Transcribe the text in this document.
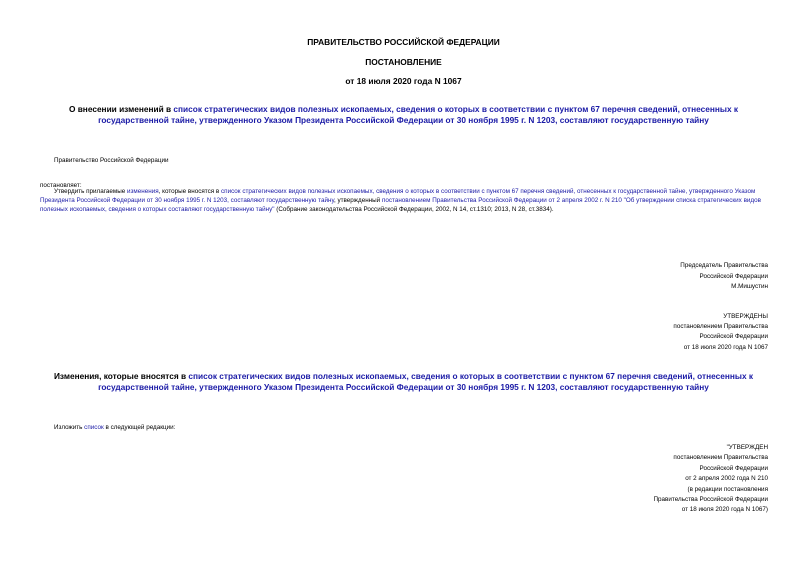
ПРАВИТЕЛЬСТВО РОССИЙСКОЙ ФЕДЕРАЦИИ
ПОСТАНОВЛЕНИЕ
от 18 июля 2020 года N 1067
О внесении изменений в список стратегических видов полезных ископаемых, сведения о которых в соответствии с пунктом 67 перечня сведений, отнесенных к государственной тайне, утвержденного Указом Президента Российской Федерации от 30 ноября 1995 г. N 1203, составляют государственную тайну
Правительство Российской Федерации
постановляет:
Утвердить прилагаемые изменения, которые вносятся в список стратегических видов полезных ископаемых, сведения о которых в соответствии с пунктом 67 перечня сведений, отнесенных к государственной тайне, утвержденного Указом Президента Российской Федерации от 30 ноября 1995 г. N 1203, составляют государственную тайну, утвержденный постановлением Правительства Российской Федерации от 2 апреля 2002 г. N 210 "Об утверждении списка стратегических видов полезных ископаемых, сведения о которых составляют государственную тайну" (Собрание законодательства Российской Федерации, 2002, N 14, ст.1310; 2013, N 28, ст.3834).
Председатель Правительства
Российской Федерации
М.Мишустин
УТВЕРЖДЕНЫ
постановлением Правительства
Российской Федерации
от 18 июля 2020 года N 1067
Изменения, которые вносятся в список стратегических видов полезных ископаемых, сведения о которых в соответствии с пунктом 67 перечня сведений, отнесенных к государственной тайне, утвержденного Указом Президента Российской Федерации от 30 ноября 1995 г. N 1203, составляют государственную тайну
Изложить список в следующей редакции:
"УТВЕРЖДЕН
постановлением Правительства
Российской Федерации
от 2 апреля 2002 года N 210
(в редакции постановления
Правительства Российской Федерации
от 18 июля 2020 года N 1067)
